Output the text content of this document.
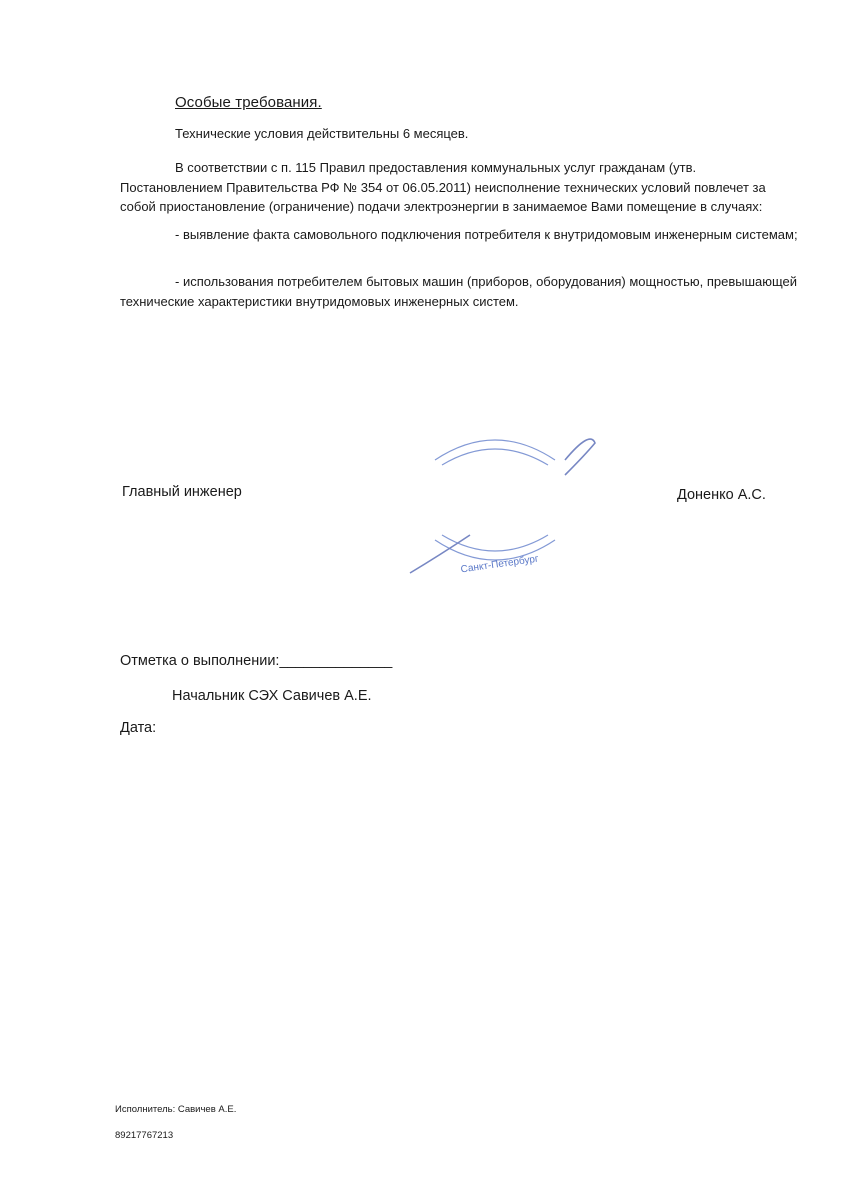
Особые требования.
Технические условия действительны 6 месяцев.
В соответствии с п. 115 Правил предоставления коммунальных услуг гражданам (утв. Постановлением Правительства РФ № 354 от 06.05.2011) неисполнение технических условий повлечет за собой приостановление (ограничение) подачи электроэнергии в занимаемое Вами помещение в случаях:
- выявление факта самовольного подключения потребителя к внутридомовым инженерным системам;
- использования потребителем бытовых машин (приборов, оборудования) мощностью, превышающей технические характеристики внутридомовых инженерных систем.
Санкт-Петербург
Главный инженер	Доненко А.С.
Отметка о выполнении:______________
Начальник СЭХ Савичев А.Е.
Дата:
Исполнитель: Савичев А.Е.
89217767213
